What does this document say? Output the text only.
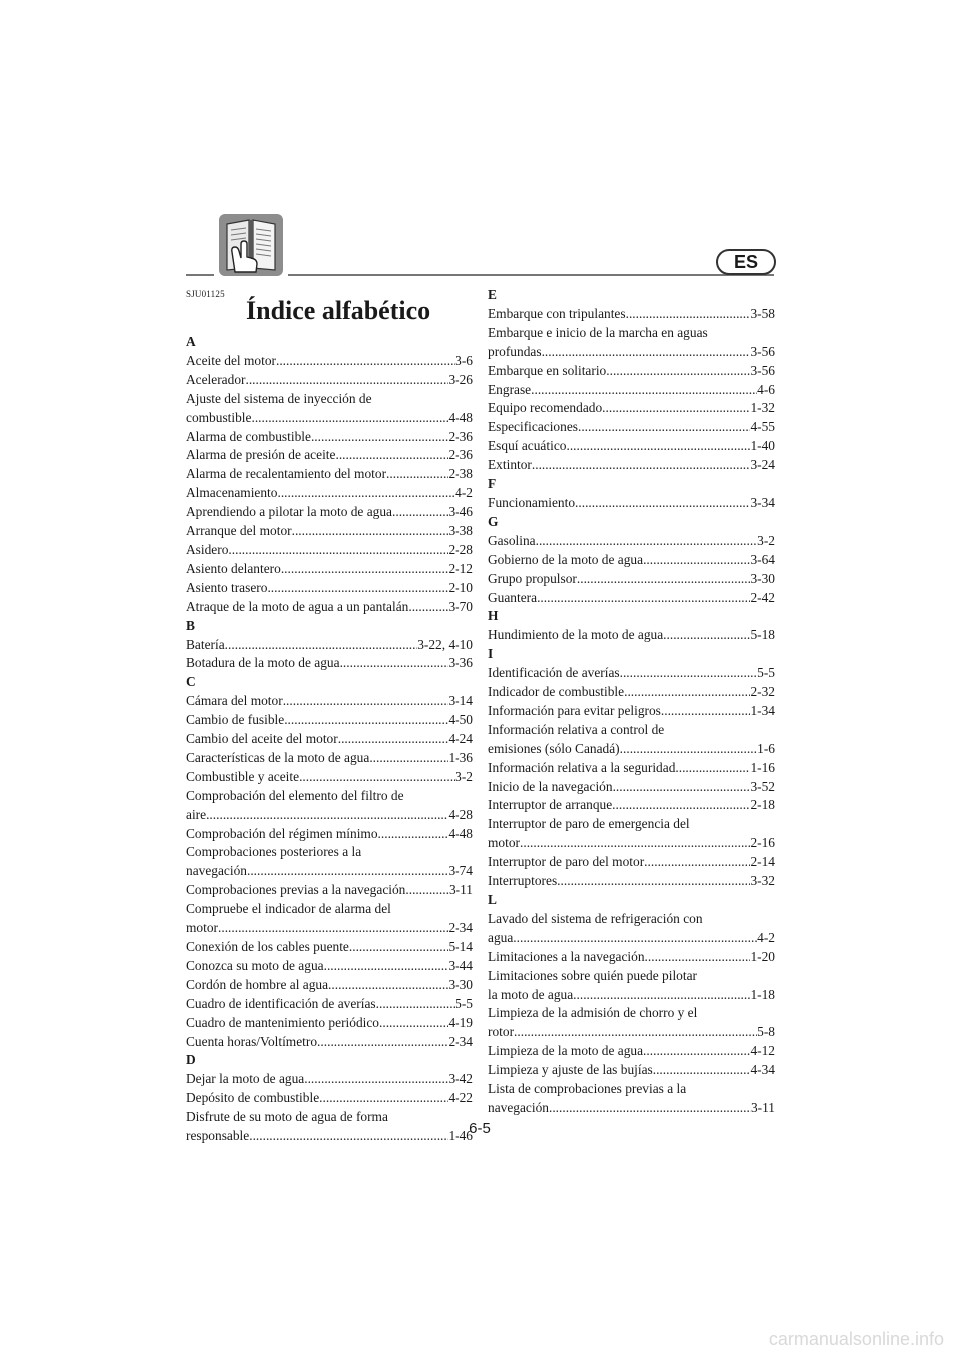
ES
SJU01125
Índice alfabético
A
Aceite del motor .....	3-6
Acelerador .....	3-26
Ajuste del sistema de inyección de
combustible .....	4-48
Alarma de combustible .....	2-36
Alarma de presión de aceite .....	2-36
Alarma de recalentamiento del motor .....	2-38
Almacenamiento .....	4-2
Aprendiendo a pilotar la moto de agua .....	3-46
Arranque del motor .....	3-38
Asidero .....	2-28
Asiento delantero .....	2-12
Asiento trasero .....	2-10
Atraque de la moto de agua a un pantalán .....	3-70
B
Batería .....	3-22, 4-10
Botadura de la moto de agua .....	3-36
C
Cámara del motor .....	3-14
Cambio de fusible .....	4-50
Cambio del aceite del motor .....	4-24
Características de la moto de agua .....	1-36
Combustible y aceite .....	3-2
Comprobación del elemento del filtro de
aire .....	4-28
Comprobación del régimen mínimo .....	4-48
Comprobaciones posteriores a la
navegación .....	3-74
Comprobaciones previas a la navegación .....	3-11
Compruebe el indicador de alarma del
motor .....	2-34
Conexión de los cables puente .....	5-14
Conozca su moto de agua .....	3-44
Cordón de hombre al agua .....	3-30
Cuadro de identificación de averías .....	5-5
Cuadro de mantenimiento periódico .....	4-19
Cuenta horas/Voltímetro .....	2-34
D
Dejar la moto de agua .....	3-42
Depósito de combustible .....	4-22
Disfrute de su moto de agua de forma
responsable .....	1-46
E
Embarque con tripulantes .....	3-58
Embarque e inicio de la marcha en aguas
profundas .....	3-56
Embarque en solitario .....	3-56
Engrase .....	4-6
Equipo recomendado .....	1-32
Especificaciones .....	4-55
Esquí acuático .....	1-40
Extintor .....	3-24
F
Funcionamiento .....	3-34
G
Gasolina .....	3-2
Gobierno de la moto de agua .....	3-64
Grupo propulsor .....	3-30
Guantera .....	2-42
H
Hundimiento de la moto de agua .....	5-18
I
Identificación de averías .....	5-5
Indicador de combustible .....	2-32
Información para evitar peligros .....	1-34
Información relativa a control de
emisiones (sólo Canadá) .....	1-6
Información relativa a la seguridad .....	1-16
Inicio de la navegación .....	3-52
Interruptor de arranque .....	2-18
Interruptor de paro de emergencia del
motor .....	2-16
Interruptor de paro del motor .....	2-14
Interruptores .....	3-32
L
Lavado del sistema de refrigeración con
agua .....	4-2
Limitaciones a la navegación .....	1-20
Limitaciones sobre quién puede pilotar
la moto de agua .....	1-18
Limpieza de la admisión de chorro y el
rotor .....	5-8
Limpieza de la moto de agua .....	4-12
Limpieza y ajuste de las bujías .....	4-34
Lista de comprobaciones previas a la
navegación .....	3-11
6-5
carmanualsonline.info
